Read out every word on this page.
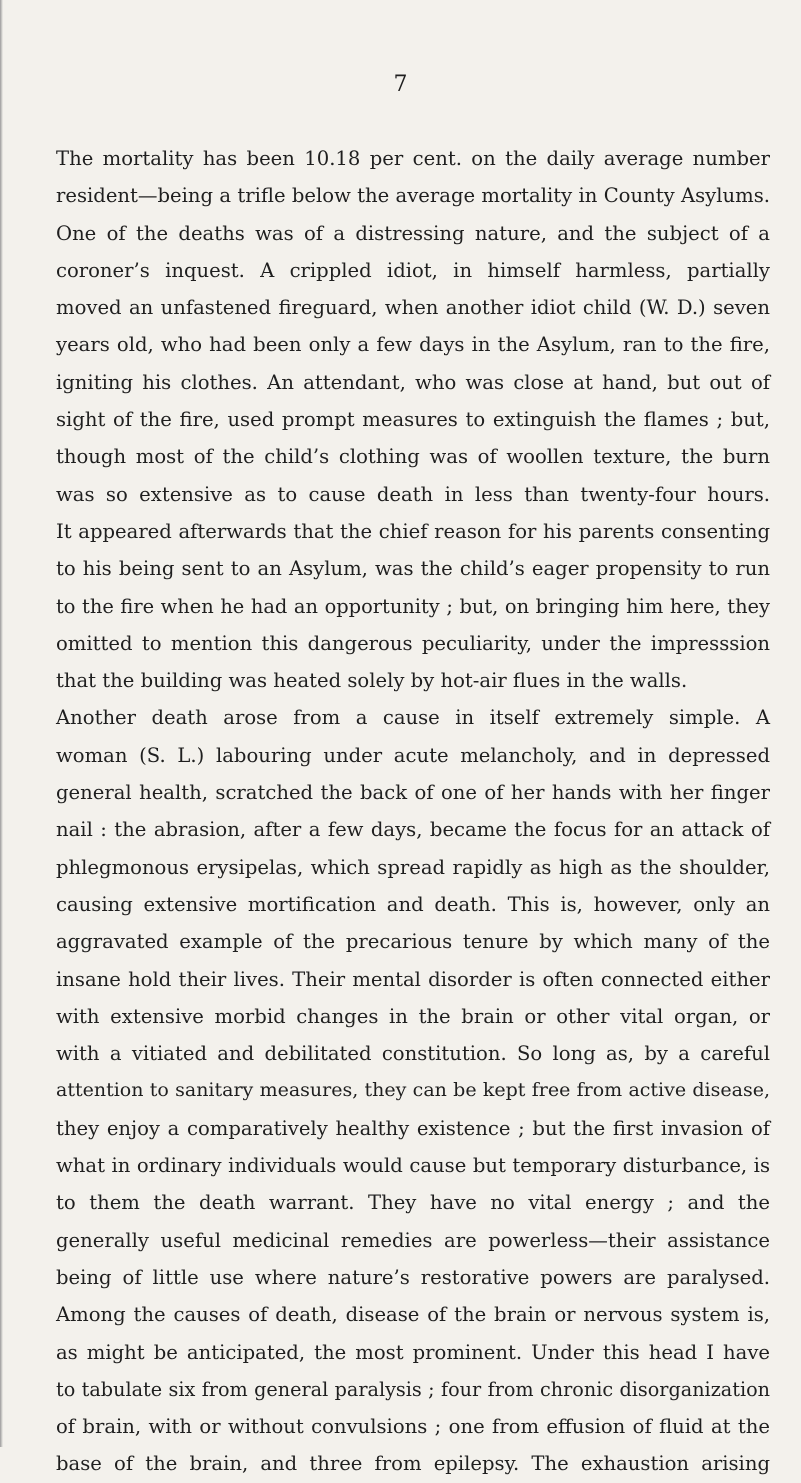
7

The mortality has been 10.18 per cent. on the daily average number
resident—being a trifle below the average mortality in County Asylums.
One of the deaths was of a distressing nature, and the subject of a
coroner’s inquest. A crippled idiot, in himself harmless, partially
moved an unfastened fireguard, when another idiot child (W. D.) seven
years old, who had been only a few days in the Asylum, ran to the fire,
igniting his clothes. An attendant, who was close at hand, but out of
sight of the fire, used prompt measures to extinguish the flames ; but,
though most of the child’s clothing was of woollen texture, the burn
was so extensive as to cause death in less than twenty-four hours.
It appeared afterwards that the chief reason for his parents consenting
to his being sent to an Asylum, was the child’s eager propensity to run
to the fire when he had an opportunity ; but, on bringing him here, they
omitted to mention this dangerous peculiarity, under the impresssion
that the building was heated solely by hot-air flues in the walls.

Another death arose from a cause in itself extremely simple. A
woman (S. L.) labouring under acute melancholy, and in depressed
general health, scratched the back of one of her hands with her finger
nail : the abrasion, after a few days, became the focus for an attack of
phlegmonous erysipelas, which spread rapidly as high as the shoulder,
causing extensive mortification and death. This is, however, only an
aggravated example of the precarious tenure by which many of the
insane hold their lives. Their mental disorder is often connected either
with extensive morbid changes in the brain or other vital organ, or
with a vitiated and debilitated constitution. So long as, by a careful
attention to sanitary measures, they can be kept free from active disease,
they enjoy a comparatively healthy existence ; but the first invasion of
what in ordinary individuals would cause but temporary disturbance, is
to them the death warrant. They have no vital energy ; and the
generally useful medicinal remedies are powerless—their assistance
being of little use where nature’s restorative powers are paralysed.
Among the causes of death, disease of the brain or nervous system is,
as might be anticipated, the most prominent. Under this head I have
to tabulate six from general paralysis ; four from chronic disorganization
of brain, with or without convulsions ; one from effusion of fluid at the
base of the brain, and three from epilepsy. The exhaustion arising
